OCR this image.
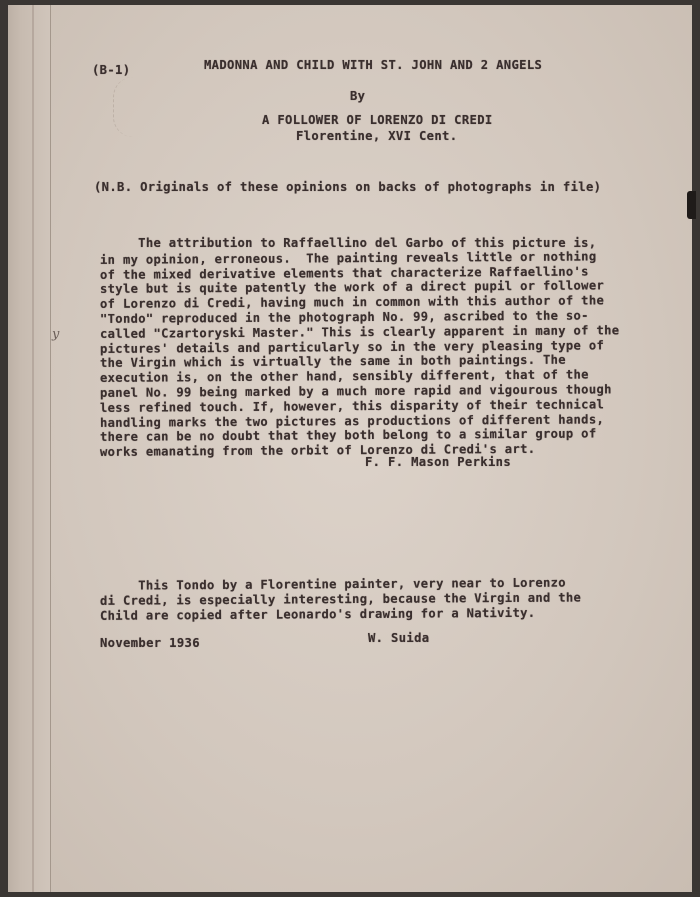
(B-1)	MADONNA AND CHILD WITH ST. JOHN AND 2 ANGELS
By
A FOLLOWER OF LORENZO DI CREDI
Florentine, XVI Cent.
(N.B. Originals of these opinions on backs of photographs in file)
y
The attribution to Raffaellino del Garbo of this picture is,
in my opinion, erroneous.  The painting reveals little or nothing
of the mixed derivative elements that characterize Raffaellino's
style but is quite patently the work of a direct pupil or follower
of Lorenzo di Credi, having much in common with this author of the
"Tondo" reproduced in the photograph No. 99, ascribed to the so-
called "Czartoryski Master." This is clearly apparent in many of the
pictures' details and particularly so in the very pleasing type of
the Virgin which is virtually the same in both paintings. The
execution is, on the other hand, sensibly different, that of the
panel No. 99 being marked by a much more rapid and vigourous though
less refined touch. If, however, this disparity of their technical
handling marks the two pictures as productions of different hands,
there can be no doubt that they both belong to a similar group of
works emanating from the orbit of Lorenzo di Credi's art.
F. F. Mason Perkins
This Tondo by a Florentine painter, very near to Lorenzo
di Credi, is especially interesting, because the Virgin and the
Child are copied after Leonardo's drawing for a Nativity.
November 1936	W. Suida
